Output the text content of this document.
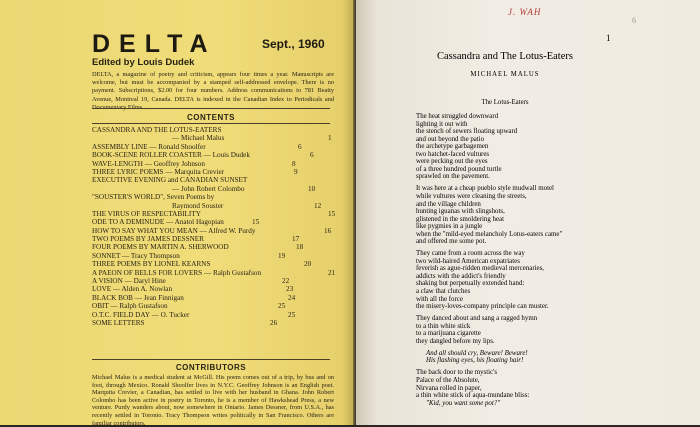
DELTA	Sept., 1960
Edited by Louis Dudek
DELTA, a magazine of poetry and criticism, appears four times a year. Manuscripts are welcome, but must be accompanied by a stamped self-addressed envelope. There is no payment. Subscriptions, $2.00 for four numbers. Address communications to 781 Beatty Avenue, Montreal 19, Canada. DELTA is indexed in the Canadian Index to Periodicals and
CONTENTS
CASSANDRA AND THE LOTUS-EATERS
— Michael Malus	1
ASSEMBLY LINE — Ronald Shoolfer	6
BOOK-SCENE ROLLER COASTER — Louis Dudek	6
WAVE-LENGTH — Geoffrey Johnson	8
THREE LYRIC POEMS — Marquita Crevier	9
EXECUTIVE EVENING and CANADIAN SUNSET
— John Robert Colombo	10
"SOUSTER'S WORLD", Seven Poems by
Raymond Souster	12
THE VIRUS OF RESPECTABILITY	15
ODE TO A DEMINUDE — Anatol Hagopian	15
HOW TO SAY WHAT YOU MEAN — Alfred W. Purdy	16
TWO POEMS BY JAMES DESSNER	17
FOUR POEMS BY MARTIN A. SHERWOOD	18
SONNET — Tracy Thompson	19
THREE POEMS BY LIONEL KEARNS	20
A PAEON OF BELLS FOR LOVERS — Ralph Gustafson	21
A VISION — Daryl Hine	22
LOVE — Alden A. Nowlan	23
BLACK BOB — Jean Finnigan	24
OBIT — Ralph Gustafson	25
O.T.C. FIELD DAY — O. Tucker	25
SOME LETTERS	26
CONTRIBUTORS
Michael Malus is a medical student at McGill. His poem comes out of a trip, by bus and on foot, through Mexico. Ronald Shoolfer lives in N.Y.C. Geoffrey Johnson is an English poet. Marquita Crevier, a Canadian, has settled to live with her husband in Ghana. John Robert Colombo has been active in poetry in Toronto, he is a member of Hawkshead Press, a new venture. Purdy wanders about, now somewhere in Ontario. James Dessner, from U.S.A., has recently settled in Toronto. Tracy Thompson writes politically in San Francisco. Others are familiar contributors.
J. WAH
6
1
Cassandra and The Lotus-Eaters
MICHAEL MALUS
The Lotus-Eaters
The heat struggled downward
lighting it out with
the stench of sewers floating upward
and out beyond the patio
the archetype garbagemen
two hatchet-faced vultures
were pecking out the eyes
of a three hundred pound turtle
sprawled on the pavement.
It was here at a cheap pueblo style mudwall motel
while vultures were cleaning the streets,
and the village children
hunting iguanas with slingshots,
glistened in the smoldering heat
like pygmies in a jungle
when the "mild-eyed melancholy Lotus-eaters came"
and offered me some pot.
They came from a room across the way
two wild-haired American expatriates
feverish as ague-ridden medieval mercenaries,
addicts with the addict's friendly
shaking but perpetually extended hand:
a claw that clutches
with all the force
the misery-loves-company principle can muster.
They danced about and sang a ragged hymn
to a thin white stick
to a marijuana cigarette
they dangled before my lips.
And all should cry, Beware! Beware!
His flashing eyes, his floating hair!
The back door to the mystic's
Palace of the Absolute,
Nirvana rolled in paper,
a thin white stick of aqua-mundane bliss:
"Kid, you want some pot?"
